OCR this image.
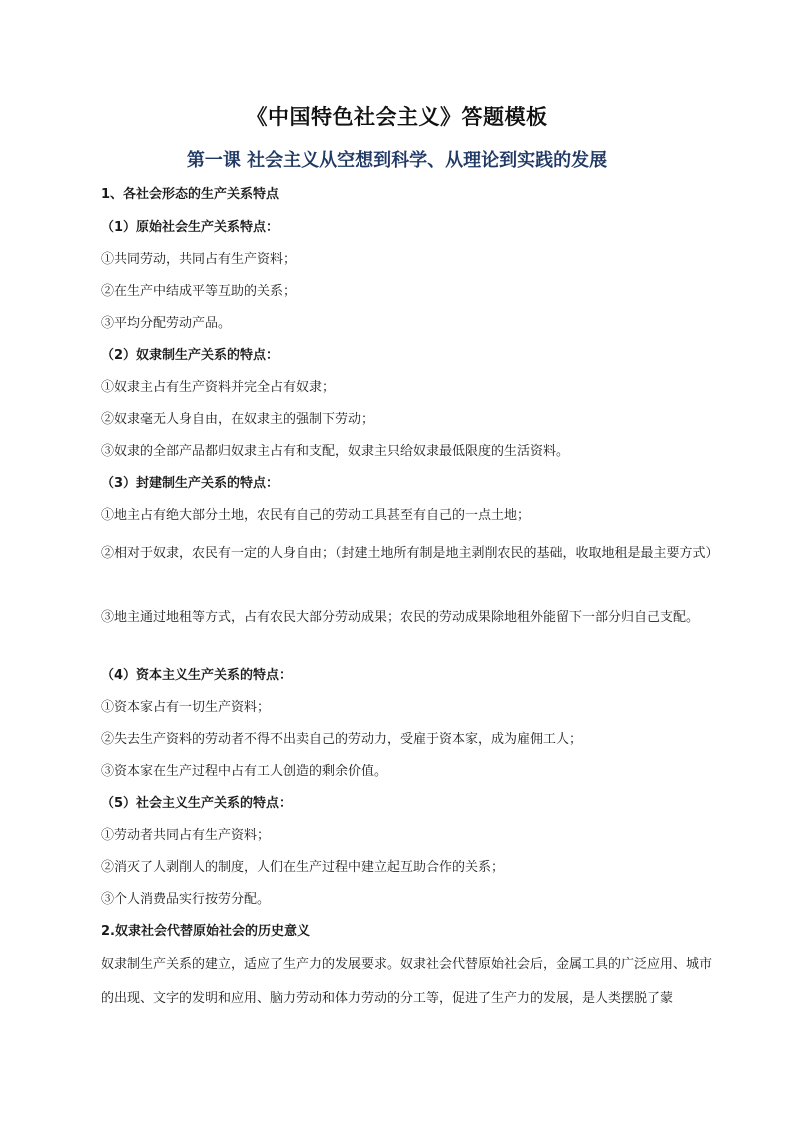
《中国特色社会主义》答题模板
第一课 社会主义从空想到科学、从理论到实践的发展
1、各社会形态的生产关系特点
（1）原始社会生产关系特点：
①共同劳动，共同占有生产资料；
②在生产中结成平等互助的关系；
③平均分配劳动产品。
（2）奴隶制生产关系的特点：
①奴隶主占有生产资料并完全占有奴隶；
②奴隶毫无人身自由，在奴隶主的强制下劳动；
③奴隶的全部产品都归奴隶主占有和支配，奴隶主只给奴隶最低限度的生活资料。
（3）封建制生产关系的特点：
①地主占有绝大部分土地，农民有自己的劳动工具甚至有自己的一点土地；
②相对于奴隶，农民有一定的人身自由；（封建土地所有制是地主剥削农民的基础，收取地租是最主要方式）
③地主通过地租等方式，占有农民大部分劳动成果；农民的劳动成果除地租外能留下一部分归自己支配。
（4）资本主义生产关系的特点：
①资本家占有一切生产资料；
②失去生产资料的劳动者不得不出卖自己的劳动力，受雇于资本家，成为雇佣工人；
③资本家在生产过程中占有工人创造的剩余价值。
（5）社会主义生产关系的特点：
①劳动者共同占有生产资料；
②消灭了人剥削人的制度，人们在生产过程中建立起互助合作的关系；
③个人消费品实行按劳分配。
2.奴隶社会代替原始社会的历史意义
奴隶制生产关系的建立，适应了生产力的发展要求。奴隶社会代替原始社会后，金属工具的广泛应用、城市的出现、文字的发明和应用、脑力劳动和体力劳动的分工等，促进了生产力的发展，是人类摆脱了蒙
